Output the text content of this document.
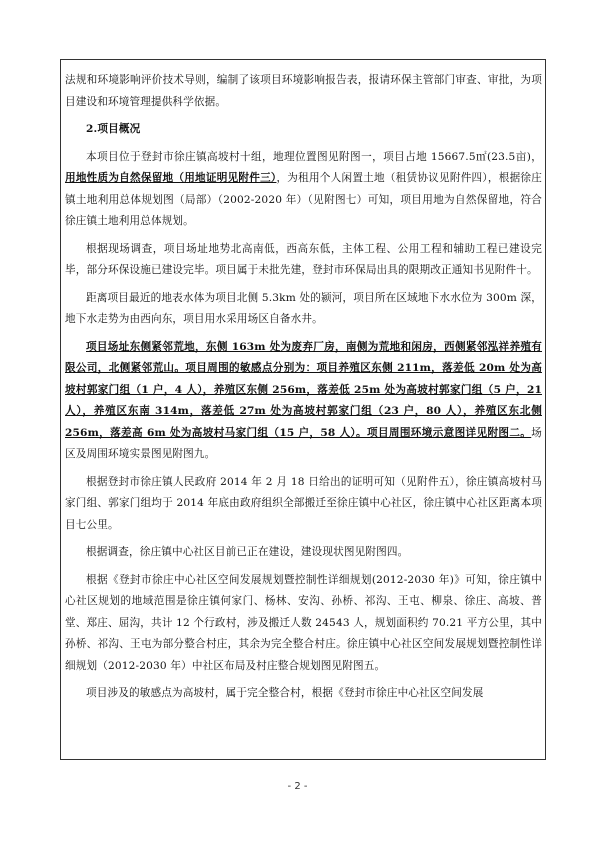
法规和环境影响评价技术导则，编制了该项目环境影响报告表，报请环保主管部门审查、审批，为项目建设和环境管理提供科学依据。

2.项目概况

本项目位于登封市徐庄镇高坡村十组，地理位置图见附图一，项目占地 15667.5㎡(23.5亩)，用地性质为自然保留地（用地证明见附件三），为租用个人闲置土地（租赁协议见附件四），根据徐庄镇土地利用总体规划图（局部）（2002-2020 年）（见附图七）可知，项目用地为自然保留地，符合徐庄镇土地利用总体规划。

根据现场调查，项目场址地势北高南低，西高东低，主体工程、公用工程和辅助工程已建设完毕，部分环保设施已建设完毕。项目属于未批先建，登封市环保局出具的限期改正通知书见附件十。

距离项目最近的地表水体为项目北侧 5.3km 处的颍河，项目所在区域地下水水位为 300m 深，地下水走势为由西向东，项目用水采用场区自备水井。

项目场址东侧紧邻荒地，东侧 163m 处为废弃厂房，南侧为荒地和闲房，西侧紧邻泓祥养殖有限公司，北侧紧邻荒山。项目周围的敏感点分别为：项目养殖区东侧 211m，落差低 20m 处为高坡村郭家门组（1 户，4 人），养殖区东侧 256m，落差低 25m 处为高坡村郭家门组（5 户，21 人），养殖区东南 314m，落差低 27m 处为高坡村郭家门组（23 户，80 人），养殖区东北侧 256m，落差高 6m 处为高坡村马家门组（15 户，58 人）。项目周围环境示意图详见附图二。场区及周围环境实景图见附图九。

根据登封市徐庄镇人民政府 2014 年 2 月 18 日给出的证明可知（见附件五），徐庄镇高坡村马家门组、郭家门组均于 2014 年底由政府组织全部搬迁至徐庄镇中心社区，徐庄镇中心社区距离本项目七公里。

根据调查，徐庄镇中心社区目前已正在建设，建设现状图见附图四。

根据《登封市徐庄中心社区空间发展规划暨控制性详细规划(2012-2030 年)》可知，徐庄镇中心社区规划的地域范围是徐庄镇何家门、杨林、安沟、孙桥、祁沟、王屯、柳泉、徐庄、高坡、普堂、郑庄、屈沟，共计 12 个行政村，涉及搬迁人数 24543 人，规划面积约 70.21 平方公里，其中孙桥、祁沟、王屯为部分整合村庄，其余为完全整合村庄。徐庄镇中心社区空间发展规划暨控制性详细规划（2012-2030 年）中社区布局及村庄整合规划图见附图五。

项目涉及的敏感点为高坡村，属于完全整合村，根据《登封市徐庄中心社区空间发展

- 2 -
